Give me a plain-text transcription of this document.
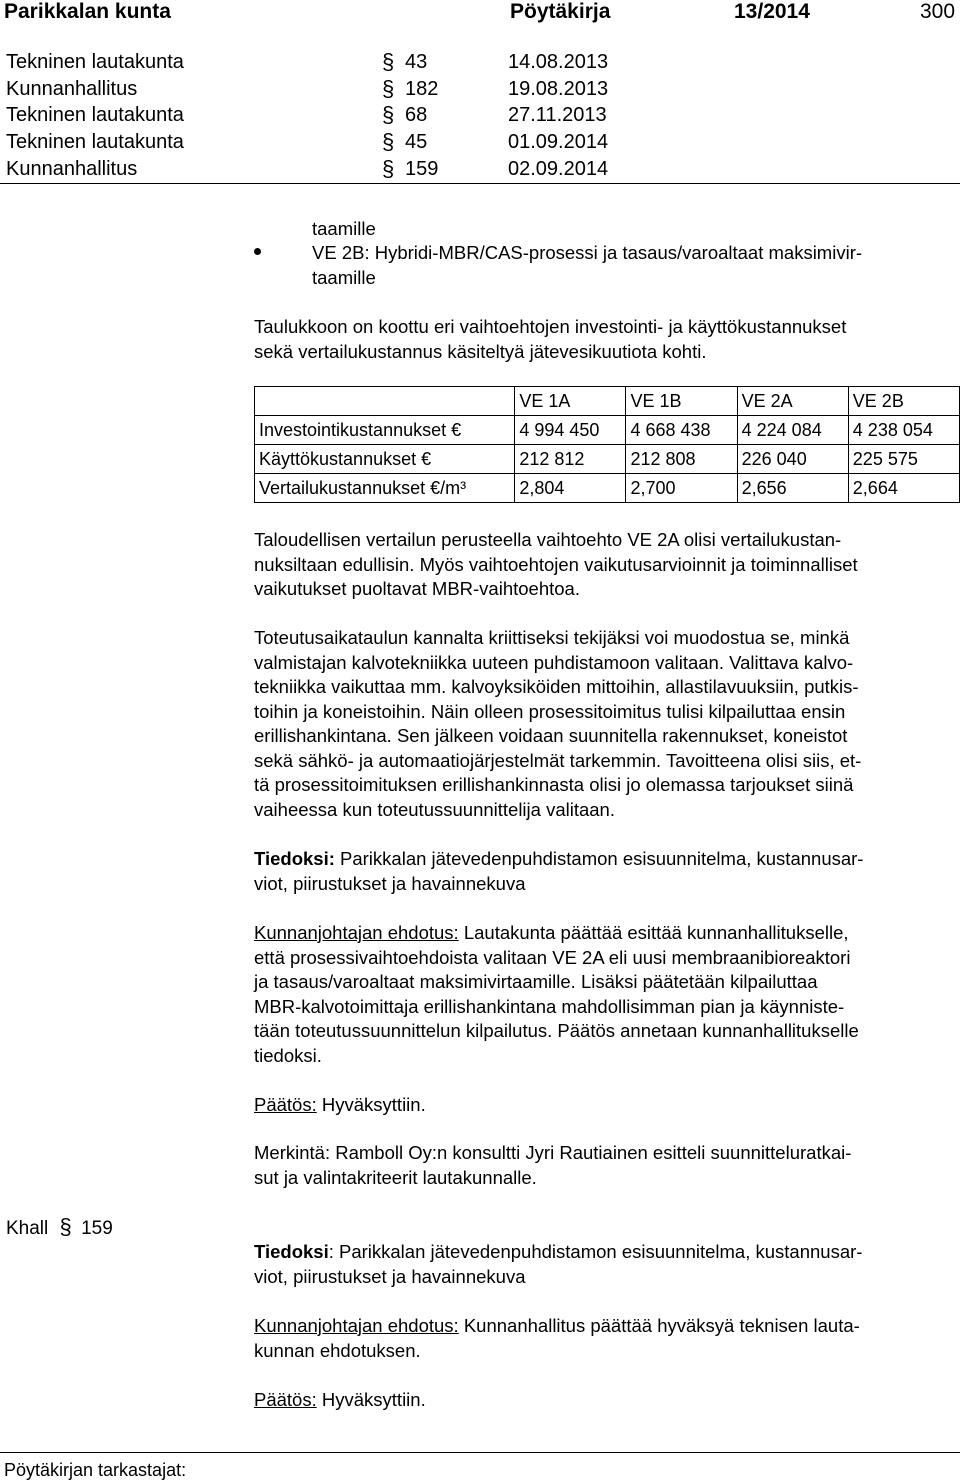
Parikkalan kunta	Pöytäkirja	13/2014	300
Tekninen lautakunta	§ 43	14.08.2013
Kunnanhallitus	§ 182	19.08.2013
Tekninen lautakunta	§ 68	27.11.2013
Tekninen lautakunta	§ 45	01.09.2014
Kunnanhallitus	§ 159	02.09.2014
taamille
VE 2B: Hybridi-MBR/CAS-prosessi ja tasaus/varoaltaat maksimivir-
taamille

Taulukkoon on koottu eri vaihtoehtojen investointi- ja käyttökustannukset

sekä vertailukustannus käsiteltyä jätevesikuutiota kohti.

	VE 1A	VE 1B	VE 2A	VE 2B
Investointikustannukset €	4 994 450	4 668 438	4 224 084	4 238 054
Käyttökustannukset €	212 812	212 808	226 040	225 575
Vertailukustannukset €/m³	2,804	2,700	2,656	2,664

Taloudellisen vertailun perusteella vaihtoehto VE 2A olisi vertailukustan-

nuksiltaan edullisin. Myös vaihtoehtojen vaikutusarvioinnit ja toiminnalliset

vaikutukset puoltavat MBR-vaihtoehtoa.

Toteutusaikataulun kannalta kriittiseksi tekijäksi voi muodostua se, minkä

valmistajan kalvotekniikka uuteen puhdistamoon valitaan. Valittava kalvo-

tekniikka vaikuttaa mm. kalvoyksiköiden mittoihin, allastilavuuksiin, putkis-

toihin ja koneistoihin. Näin olleen prosessitoimitus tulisi kilpailuttaa ensin

erillishankintana. Sen jälkeen voidaan suunnitella rakennukset, koneistot

sekä sähkö- ja automaatiojärjestelmät tarkemmin. Tavoitteena olisi siis, et-

tä prosessitoimituksen erillishankinnasta olisi jo olemassa tarjoukset siinä

vaiheessa kun toteutussuunnittelija valitaan.

Tiedoksi: Parikkalan jätevedenpuhdistamon esisuunnitelma, kustannusar-

viot, piirustukset ja havainnekuva

Kunnanjohtajan ehdotus: Lautakunta päättää esittää kunnanhallitukselle,

että prosessivaihtoehdoista valitaan VE 2A eli uusi membraanibioreaktori

ja tasaus/varoaltaat maksimivirtaamille. Lisäksi päätetään kilpailuttaa

MBR-kalvotoimittaja erillishankintana mahdollisimman pian ja käynniste-

tään toteutussuunnittelun kilpailutus. Päätös annetaan kunnanhallitukselle

tiedoksi.

Päätös: Hyväksyttiin.

Merkintä: Ramboll Oy:n konsultti Jyri Rautiainen esitteli suunnitteluratkai-

sut ja valintakriteerit lautakunnalle.

Khall § 159

Tiedoksi: Parikkalan jätevedenpuhdistamon esisuunnitelma, kustannusar-

viot, piirustukset ja havainnekuva

Kunnanjohtajan ehdotus: Kunnanhallitus päättää hyväksyä teknisen lauta-

kunnan ehdotuksen.

Päätös: Hyväksyttiin.

Pöytäkirjan tarkastajat:
